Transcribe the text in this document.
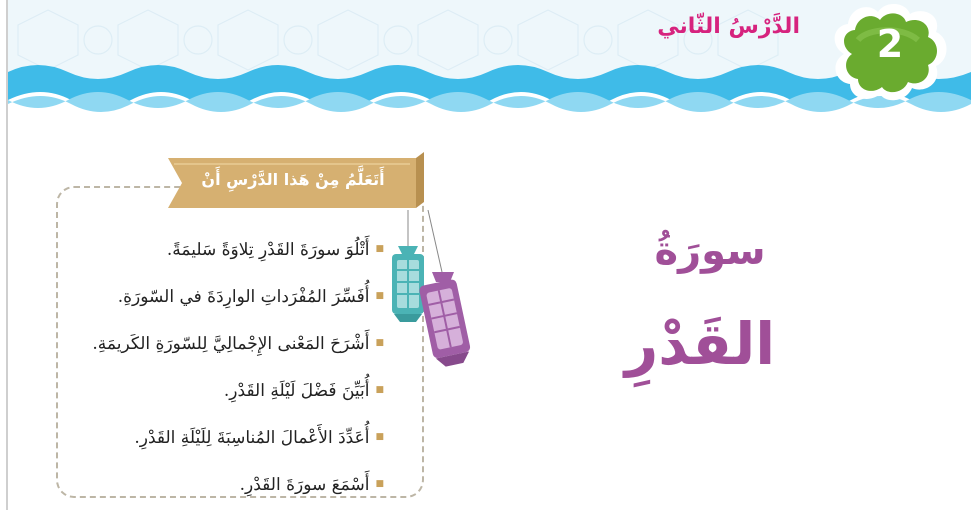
الدَّرْسُ الثّاني	2
أَتَعَلَّمُ مِنْ هَذا الدَّرْسِ أَنْ
■
أَتْلُوَ سورَةَ القَدْرِ تِلاوَةً سَليمَةً.
■
أُفَسِّرَ المُفْرَداتِ الوارِدَةَ في السّورَةِ.
■
أَشْرَحَ المَعْنى الإِجْمالِيَّ لِلسّورَةِ الكَريمَةِ.
■
أُبَيِّنَ فَضْلَ لَيْلَةِ القَدْرِ.
■
أُعَدِّدَ الأَعْمالَ المُناسِبَةَ لِلَيْلَةِ القَدْرِ.
■
أَسْمَعَ سورَةَ القَدْرِ.
سورَةُ
القَدْرِ
